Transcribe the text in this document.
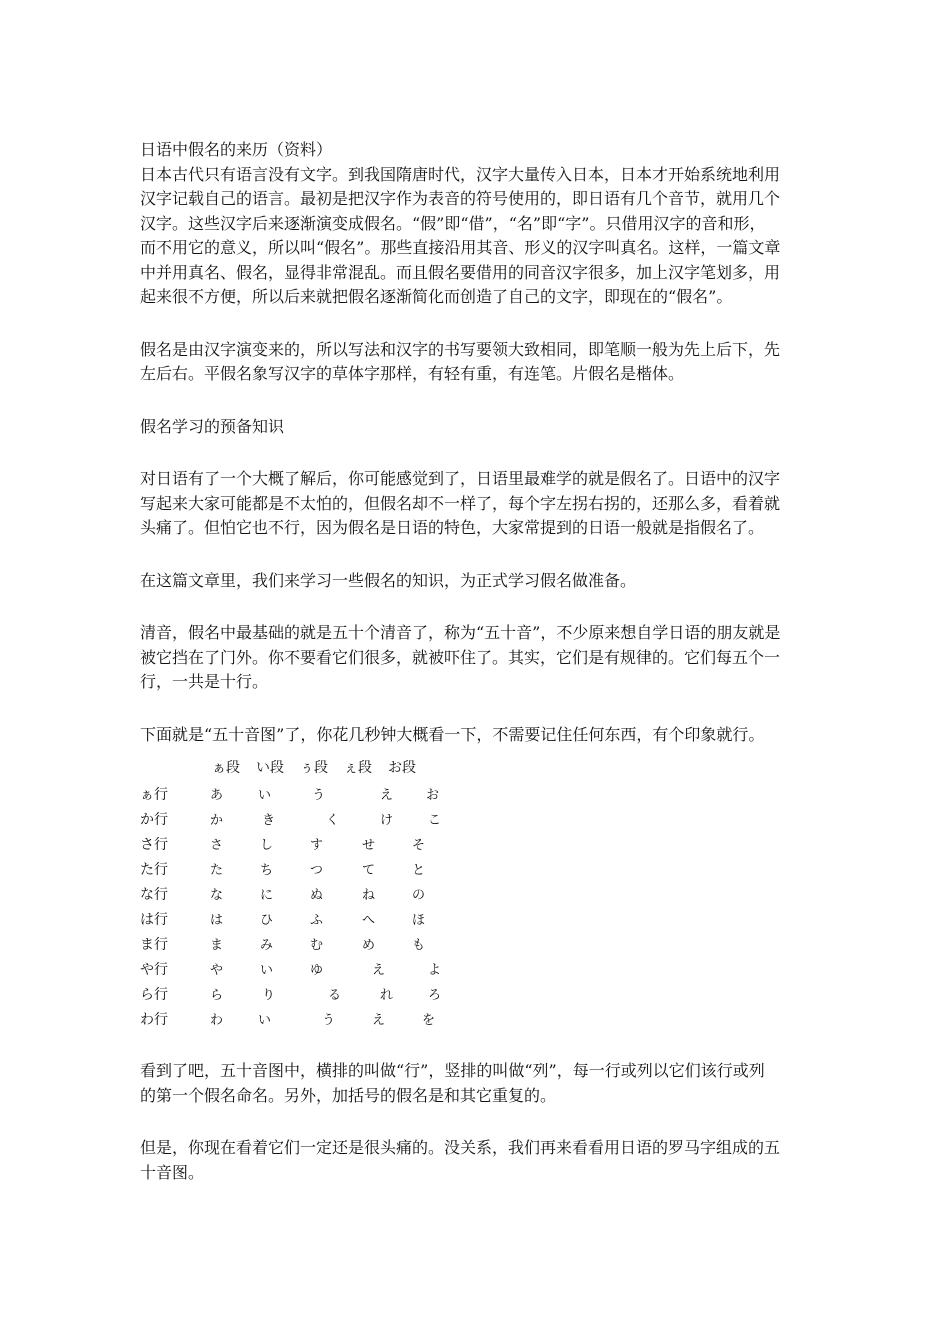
日语中假名的来历（资料）
日本古代只有语言没有文字。到我国隋唐时代，汉字大量传入日本，日本才开始系统地利用
汉字记载自己的语言。最初是把汉字作为表音的符号使用的，即日语有几个音节，就用几个
汉字。这些汉字后来逐渐演变成假名。“假”即“借”，“名”即“字”。只借用汉字的音和形，
而不用它的意义，所以叫“假名”。那些直接沿用其音、形义的汉字叫真名。这样，一篇文章
中并用真名、假名，显得非常混乱。而且假名要借用的同音汉字很多，加上汉字笔划多，用
起来很不方便，所以后来就把假名逐渐简化而创造了自己的文字，即现在的“假名”。
假名是由汉字演变来的，所以写法和汉字的书写要领大致相同，即笔顺一般为先上后下，先
左后右。平假名象写汉字的草体字那样，有轻有重，有连笔。片假名是楷体。
假名学习的预备知识
对日语有了一个大概了解后，你可能感觉到了，日语里最难学的就是假名了。日语中的汉字
写起来大家可能都是不太怕的，但假名却不一样了，每个字左拐右拐的，还那么多，看着就
头痛了。但怕它也不行，因为假名是日语的特色，大家常提到的日语一般就是指假名了。
在这篇文章里，我们来学习一些假名的知识，为正式学习假名做准备。
清音，假名中最基础的就是五十个清音了，称为“五十音”，不少原来想自学日语的朋友就是
被它挡在了门外。你不要看它们很多，就被吓住了。其实，它们是有规律的。它们每五个一
行，一共是十行。
下面就是“五十音图”了，你花几秒钟大概看一下，不需要记住任何东西，有个印象就行。
ぁ段 い段 ぅ段 ぇ段 お段
ぁ行	あ	い	う	え	お
か行	か	き	く	け	こ
さ行	さ	し	す	せ	そ
た行	た	ち	つ	て	と
な行	な	に	ぬ	ね	の
は行	は	ひ	ふ	へ	ほ
ま行	ま	み	む	め	も
や行	や	い	ゆ	え	よ
ら行	ら	り	る	れ	ろ
わ行	わ	い	う	え	を
看到了吧，五十音图中，横排的叫做“行”，竖排的叫做“列”，每一行或列以它们该行或列
的第一个假名命名。另外，加括号的假名是和其它重复的。
但是，你现在看着它们一定还是很头痛的。没关系，我们再来看看用日语的罗马字组成的五
十音图。
